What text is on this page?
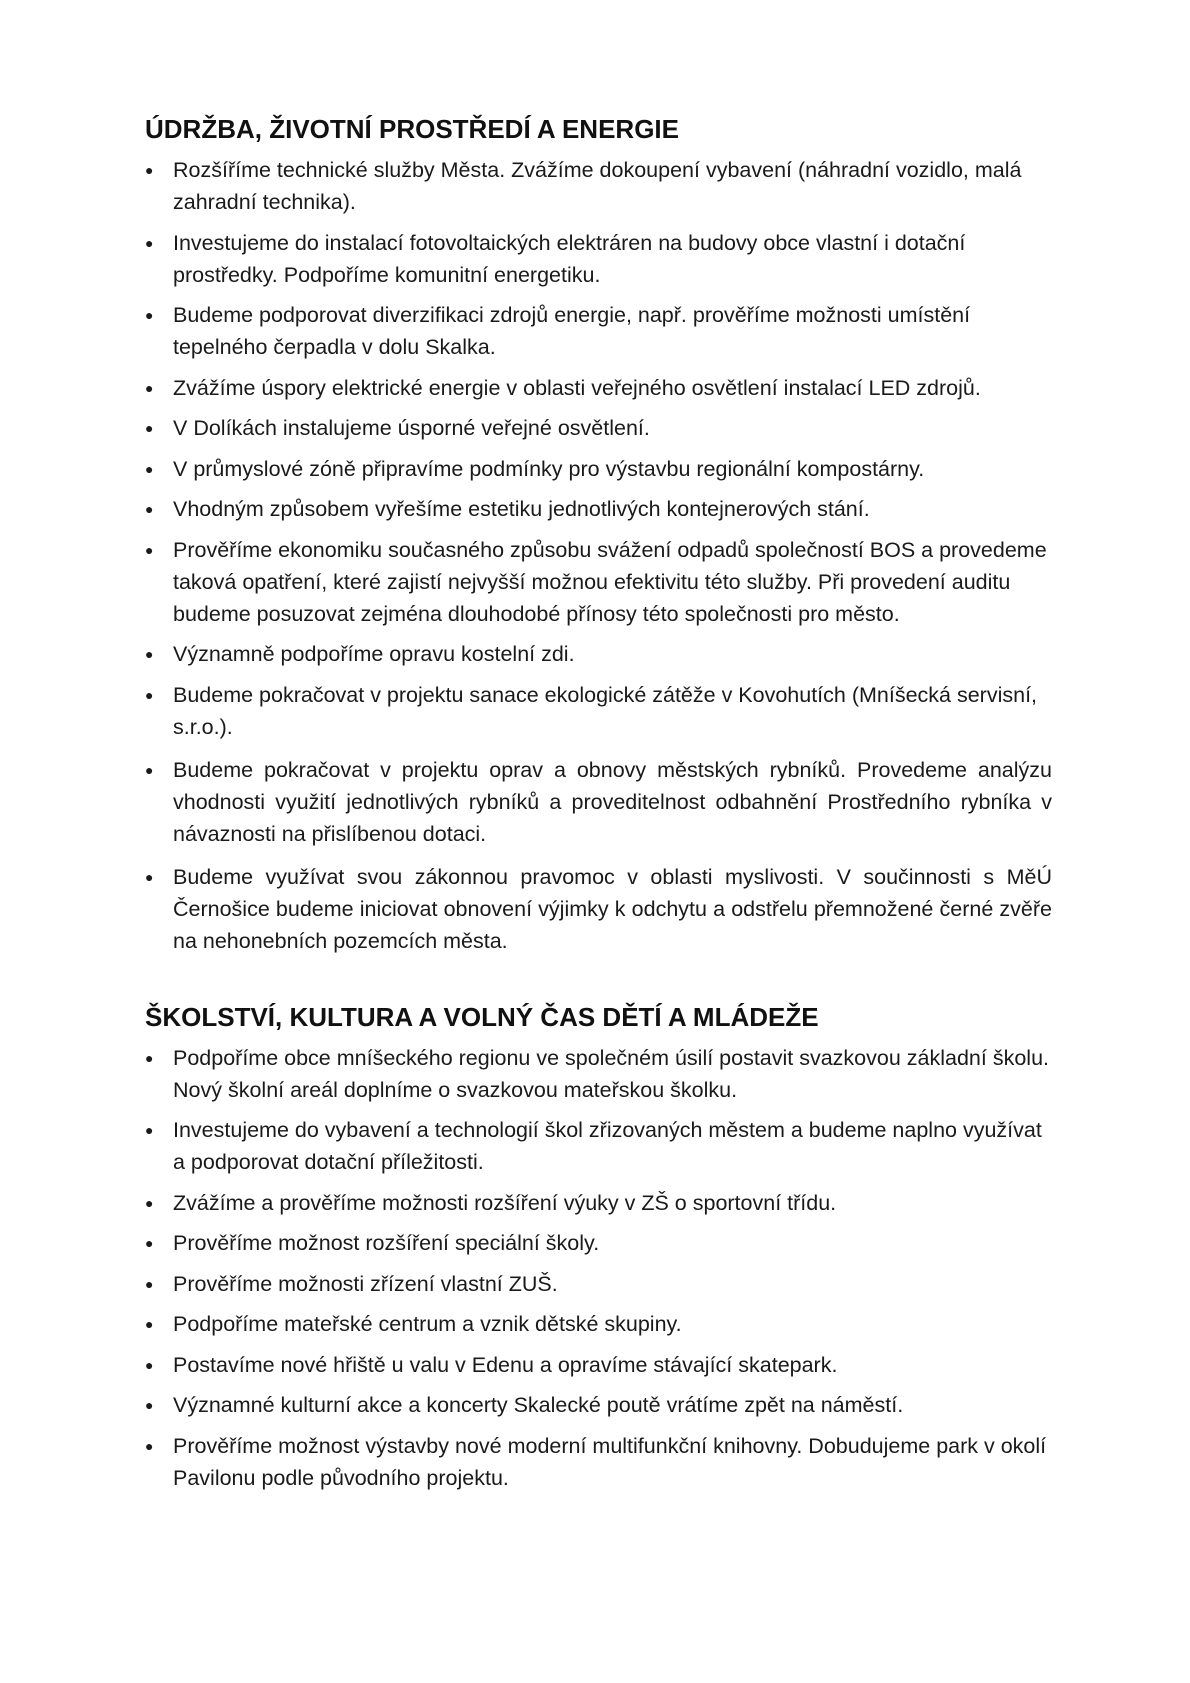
ÚDRŽBA, ŽIVOTNÍ PROSTŘEDÍ A ENERGIE
● Rozšíříme technické služby Města. Zvážíme dokoupení vybavení (náhradní vozidlo, malá zahradní technika).
● Investujeme do instalací fotovoltaických elektráren na budovy obce vlastní i dotační prostředky. Podpoříme komunitní energetiku.
● Budeme podporovat diverzifikaci zdrojů energie, např. prověříme možnosti umístění tepelného čerpadla v dolu Skalka.
● Zvážíme úspory elektrické energie v oblasti veřejného osvětlení instalací LED zdrojů.
● V Dolíkách instalujeme úsporné veřejné osvětlení.
● V průmyslové zóně připravíme podmínky pro výstavbu regionální kompostárny.
● Vhodným způsobem vyřešíme estetiku jednotlivých kontejnerových stání.
● Prověříme ekonomiku současného způsobu svážení odpadů společností BOS a provedeme taková opatření, které zajistí nejvyšší možnou efektivitu této služby. Při provedení auditu budeme posuzovat zejména dlouhodobé přínosy této společnosti pro město.
● Významně podpoříme opravu kostelní zdi.
● Budeme pokračovat v projektu sanace ekologické zátěže v Kovohutích (Mníšecká servisní, s.r.o.).
● Budeme pokračovat v projektu oprav a obnovy městských rybníků. Provedeme analýzu vhodnosti využití jednotlivých rybníků a proveditelnost odbahnění Prostředního rybníka v návaznosti na přislíbenou dotaci.
● Budeme využívat svou zákonnou pravomoc v oblasti myslivosti. V součinnosti s MěÚ Černošice budeme iniciovat obnovení výjimky k odchytu a odstřelu přemnožené černé zvěře na nehonebních pozemcích města.
ŠKOLSTVÍ, KULTURA A VOLNÝ ČAS DĚTÍ A MLÁDEŽE
● Podpoříme obce mníšeckého regionu ve společném úsilí postavit svazkovou základní školu. Nový školní areál doplníme o svazkovou mateřskou školku.
● Investujeme do vybavení a technologií škol zřizovaných městem a budeme naplno využívat a podporovat dotační příležitosti.
● Zvážíme a prověříme možnosti rozšíření výuky v ZŠ o sportovní třídu.
● Prověříme možnost rozšíření speciální školy.
● Prověříme možnosti zřízení vlastní ZUŠ.
● Podpoříme mateřské centrum a vznik dětské skupiny.
● Postavíme nové hřiště u valu v Edenu a opravíme stávající skatepark.
● Významné kulturní akce a koncerty Skalecké poutě vrátíme zpět na náměstí.
● Prověříme možnost výstavby nové moderní multifunkční knihovny. Dobudujeme park v okolí Pavilonu podle původního projektu.
